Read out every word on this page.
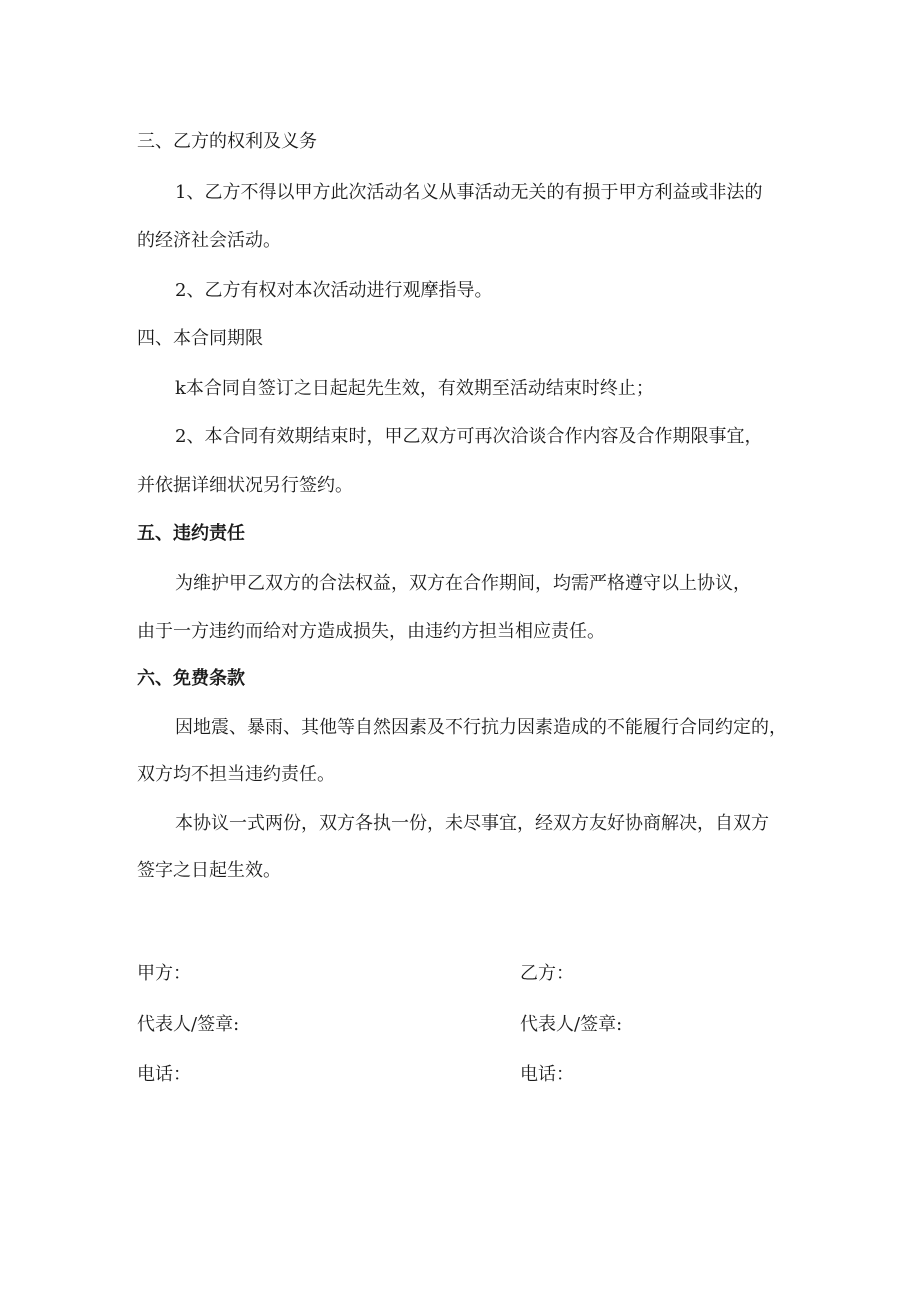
三、乙方的权利及义务

1、乙方不得以甲方此次活动名义从事活动无关的有损于甲方利益或非法的

的经济社会活动。

2、乙方有权对本次活动进行观摩指导。

四、本合同期限

k本合同自签订之日起起先生效，有效期至活动结束时终止；

2、本合同有效期结束时，甲乙双方可再次洽谈合作内容及合作期限事宜，

并依据详细状况另行签约。

五、违约责任

为维护甲乙双方的合法权益，双方在合作期间，均需严格遵守以上协议，

由于一方违约而给对方造成损失，由违约方担当相应责任。

六、免费条款

因地震、暴雨、其他等自然因素及不行抗力因素造成的不能履行合同约定的，

双方均不担当违约责任。

本协议一式两份，双方各执一份，未尽事宜，经双方友好协商解决，自双方

签字之日起生效。

甲方：

代表人/签章:

电话：

乙方：

代表人/签章:

电话：
